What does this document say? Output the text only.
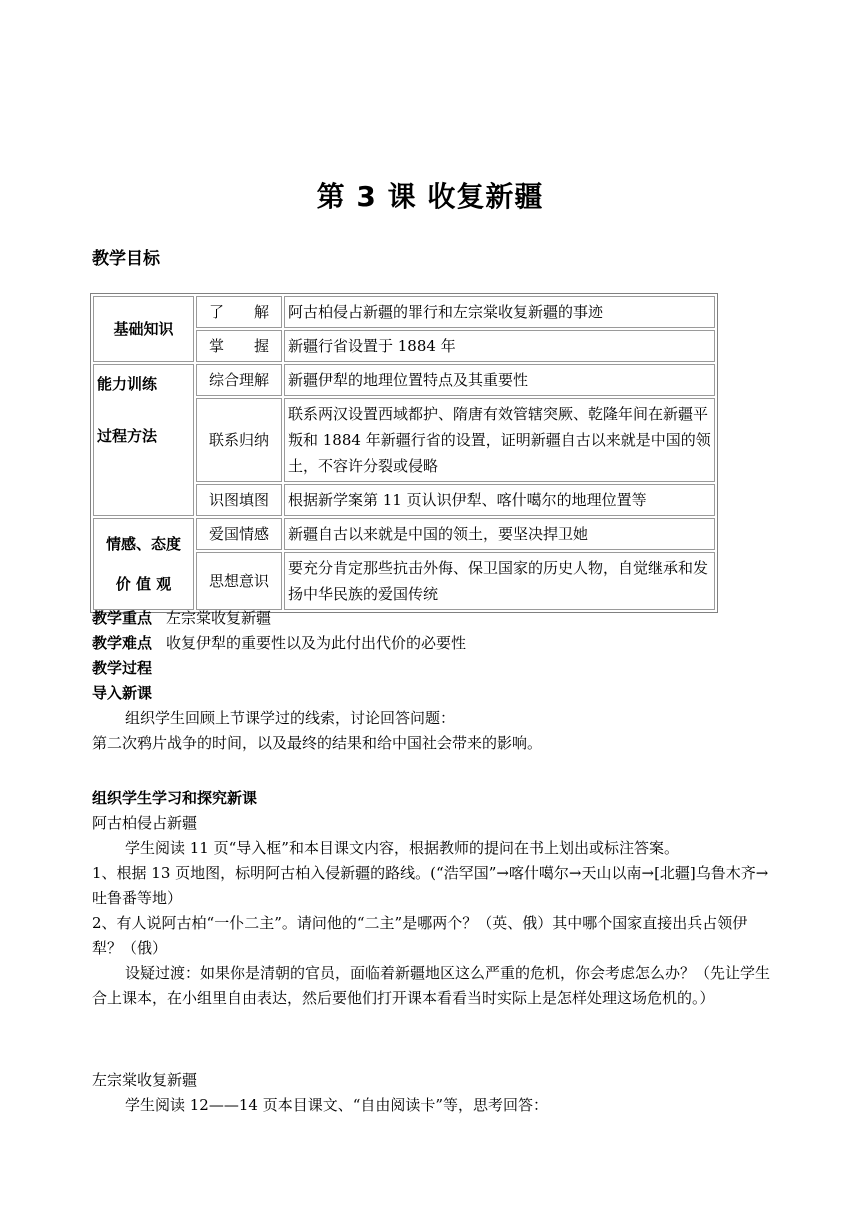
第 3 课 收复新疆
教学目标
基础知识	了　　解	阿古柏侵占新疆的罪行和左宗棠收复新疆的事迹
	掌　　握	新疆行省设置于 1884 年

能力训练
过程方法	综合理解	新疆伊犁的地理位置特点及其重要性
	联系归纳	联系两汉设置西域都护、隋唐有效管辖突厥、乾隆年间在新疆平叛和 1884 年新疆行省的设置，证明新疆自古以来就是中国的领土，不容许分裂或侵略
	识图填图	根据新学案第 11 页认识伊犁、喀什噶尔的地理位置等

情感、态度
价 值 观	爱国情感	新疆自古以来就是中国的领土，要坚决捍卫她
	思想意识	要充分肯定那些抗击外侮、保卫国家的历史人物，自觉继承和发扬中华民族的爱国传统

教学重点 左宗棠收复新疆

教学难点 收复伊犁的重要性以及为此付出代价的必要性

教学过程

导入新课

组织学生回顾上节课学过的线索，讨论回答问题：

第二次鸦片战争的时间，以及最终的结果和给中国社会带来的影响。

组织学生学习和探究新课

阿古柏侵占新疆

学生阅读 11 页“导入框”和本目课文内容，根据教师的提问在书上划出或标注答案。

1、根据 13 页地图，标明阿古柏入侵新疆的路线。(“浩罕国”→喀什噶尔→天山以南→[北疆]乌鲁木齐→吐鲁番等地）

2、有人说阿古柏“一仆二主”。请问他的“二主”是哪两个？（英、俄）其中哪个国家直接出兵占领伊犁？（俄）

设疑过渡：如果你是清朝的官员，面临着新疆地区这么严重的危机，你会考虑怎么办？（先让学生合上课本，在小组里自由表达，然后要他们打开课本看看当时实际上是怎样处理这场危机的。）

左宗棠收复新疆

学生阅读 12——14 页本目课文、“自由阅读卡”等，思考回答：
